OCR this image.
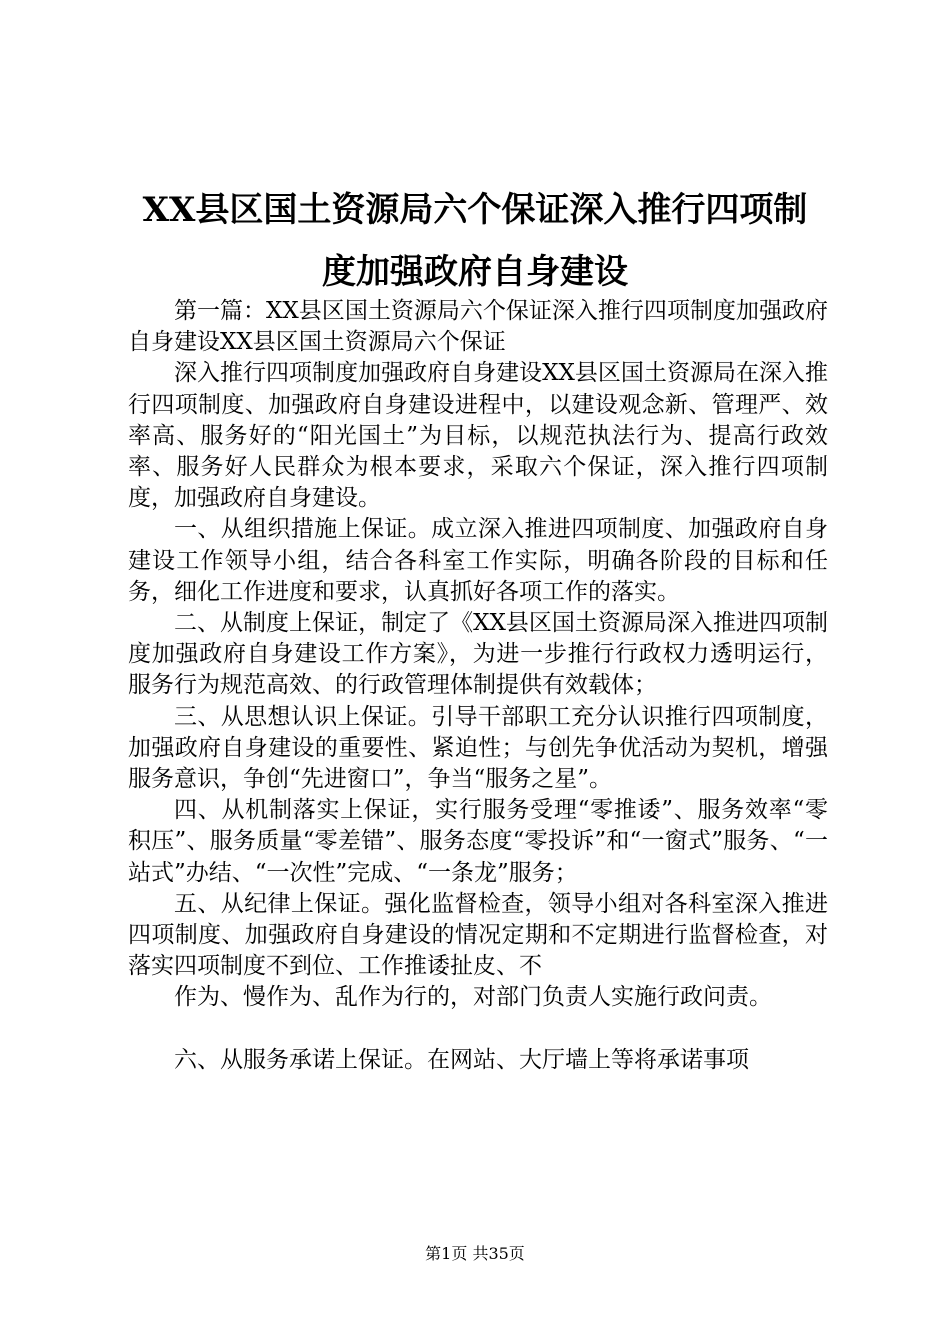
XX县区国土资源局六个保证深入推行四项制
度加强政府自身建设

第一篇：XX县区国土资源局六个保证深入推行四项制度加强政府自身建设XX县区国土资源局六个保证

深入推行四项制度加强政府自身建设XX县区国土资源局在深入推行四项制度、加强政府自身建设进程中，以建设观念新、管理严、效率高、服务好的“阳光国土”为目标，以规范执法行为、提高行政效率、服务好人民群众为根本要求，采取六个保证，深入推行四项制度，加强政府自身建设。

一、从组织措施上保证。成立深入推进四项制度、加强政府自身建设工作领导小组，结合各科室工作实际，明确各阶段的目标和任务，细化工作进度和要求，认真抓好各项工作的落实。

二、从制度上保证，制定了《XX县区国土资源局深入推进四项制度加强政府自身建设工作方案》，为进一步推行行政权力透明运行，服务行为规范高效、的行政管理体制提供有效载体；

三、从思想认识上保证。引导干部职工充分认识推行四项制度，加强政府自身建设的重要性、紧迫性；与创先争优活动为契机，增强服务意识，争创“先进窗口”，争当“服务之星”。

四、从机制落实上保证，实行服务受理“零推诿”、服务效率“零积压”、服务质量“零差错”、服务态度“零投诉”和“一窗式”服务、“一站式”办结、“一次性”完成、“一条龙”服务；

五、从纪律上保证。强化监督检查，领导小组对各科室深入推进四项制度、加强政府自身建设的情况定期和不定期进行监督检查，对落实四项制度不到位、工作推诿扯皮、不

作为、慢作为、乱作为行的，对部门负责人实施行政问责。

六、从服务承诺上保证。在网站、大厅墙上等将承诺事项

第1页 共35页
